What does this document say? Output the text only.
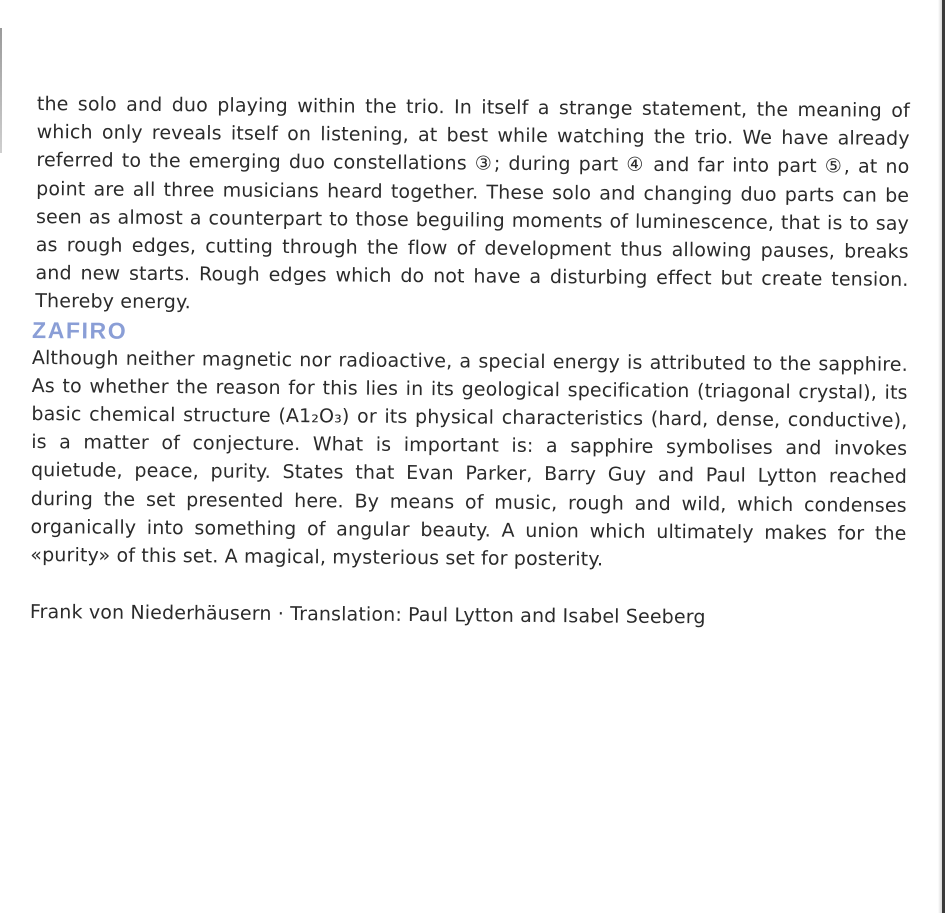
the solo and duo playing within the trio. In itself a strange statement, the meaning of which only reveals itself on listening, at best while watching the trio. We have already referred to the emerging duo constellations ③; during part ④ and far into part ⑤, at no point are all three musicians heard together. These solo and changing duo parts can be seen as almost a counterpart to those beguiling moments of luminescence, that is to say as rough edges, cutting through the flow of development thus allowing pauses, breaks and new starts. Rough edges which do not have a disturbing effect but create tension. Thereby energy.

ZAFIRO

Although neither magnetic nor radioactive, a special energy is attributed to the sapphire. As to whether the reason for this lies in its geological specification (triagonal crystal), its basic chemical structure (A1₂O₃) or its physical characteristics (hard, dense, conductive), is a matter of conjecture. What is important is: a sapphire symbolises and invokes quietude, peace, purity. States that Evan Parker, Barry Guy and Paul Lytton reached during the set presented here. By means of music, rough and wild, which condenses organically into something of angular beauty. A union which ultimately makes for the «purity» of this set. A magical, mysterious set for posterity.

Frank von Niederhäusern · Translation: Paul Lytton and Isabel Seeberg
